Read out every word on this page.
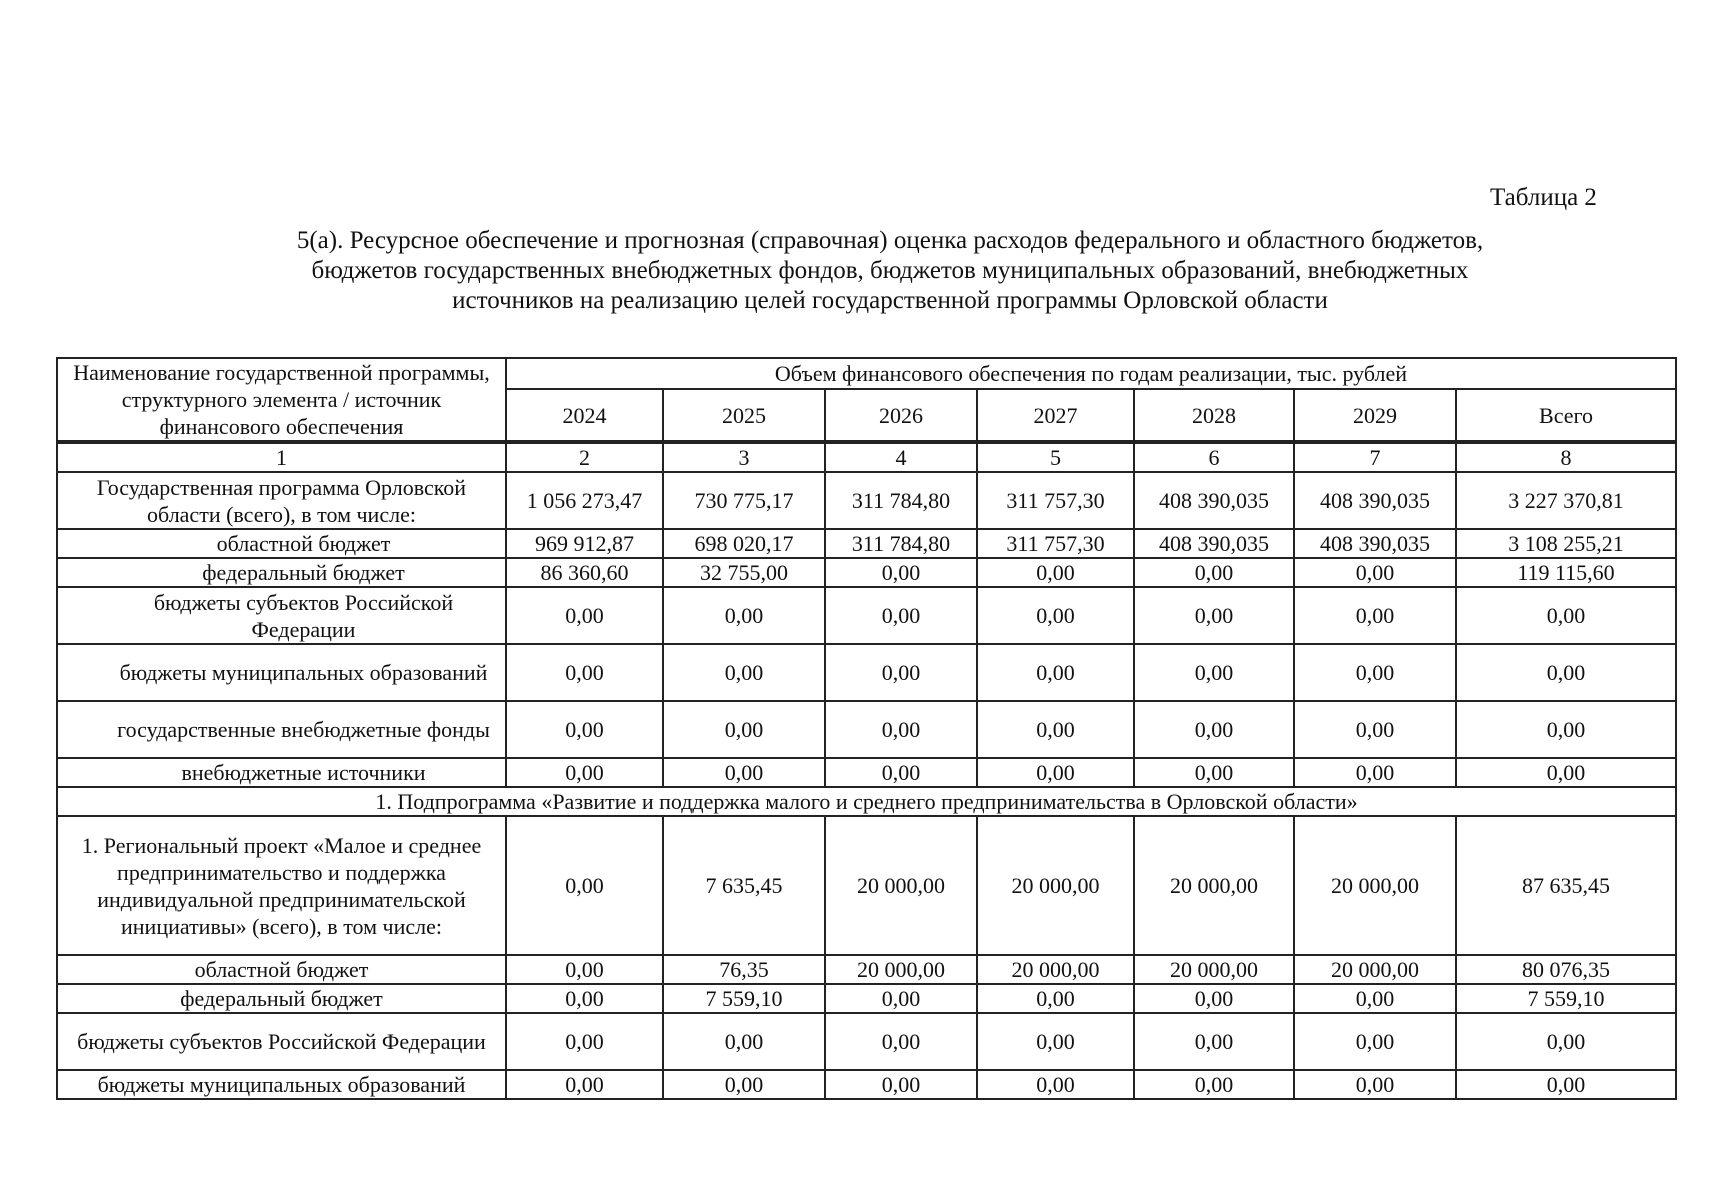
Таблица 2
5(а). Ресурсное обеспечение и прогнозная (справочная) оценка расходов федерального и областного бюджетов,
бюджетов государственных внебюджетных фондов, бюджетов муниципальных образований, внебюджетных
источников на реализацию целей государственной программы Орловской области
Наименование государственной программы, структурного элемента / источник финансового обеспечения	Объем финансового обеспечения по годам реализации, тыс. рублей						
	2024	2025	2026	2027	2028	2029	Всего
1	2	3	4	5	6	7	8
Государственная программа Орловской области (всего), в том числе:	1 056 273,47	730 775,17	311 784,80	311 757,30	408 390,035	408 390,035	3 227 370,81
областной бюджет	969 912,87	698 020,17	311 784,80	311 757,30	408 390,035	408 390,035	3 108 255,21
федеральный бюджет	86 360,60	32 755,00	0,00	0,00	0,00	0,00	119 115,60
бюджеты субъектов Российской Федерации	0,00	0,00	0,00	0,00	0,00	0,00	0,00
бюджеты муниципальных образований	0,00	0,00	0,00	0,00	0,00	0,00	0,00
государственные внебюджетные фонды	0,00	0,00	0,00	0,00	0,00	0,00	0,00
внебюджетные источники	0,00	0,00	0,00	0,00	0,00	0,00	0,00
1. Подпрограмма «Развитие и поддержка малого и среднего предпринимательства в Орловской области»							
1. Региональный проект «Малое и среднее предпринимательство и поддержка индивидуальной предпринимательской инициативы» (всего), в том числе:	0,00	7 635,45	20 000,00	20 000,00	20 000,00	20 000,00	87 635,45
областной бюджет	0,00	76,35	20 000,00	20 000,00	20 000,00	20 000,00	80 076,35
федеральный бюджет	0,00	7 559,10	0,00	0,00	0,00	0,00	7 559,10
бюджеты субъектов Российской Федерации	0,00	0,00	0,00	0,00	0,00	0,00	0,00
бюджеты муниципальных образований	0,00	0,00	0,00	0,00	0,00	0,00	0,00
